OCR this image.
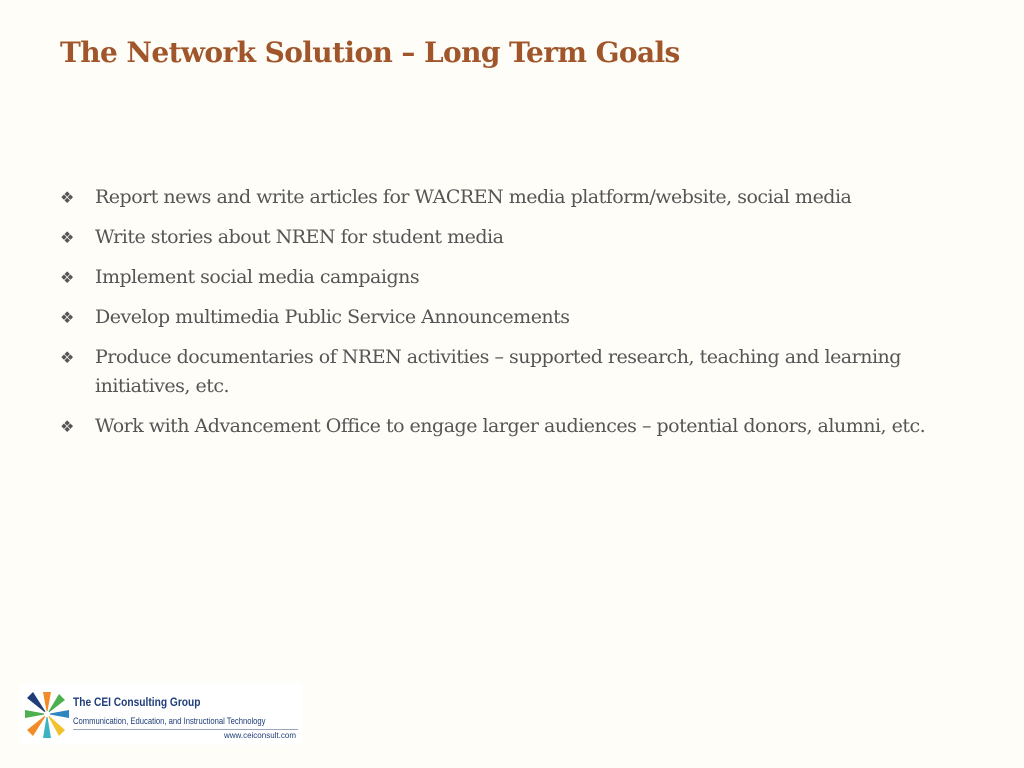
The Network Solution – Long Term Goals
❖	Report news and write articles for WACREN media platform/website, social media
❖	Write stories about NREN for student media
❖	Implement social media campaigns
❖	Develop multimedia Public Service Announcements
❖	Produce documentaries of NREN activities – supported research, teaching and learning initiatives, etc.
❖	Work with Advancement Office to engage larger audiences – potential donors, alumni, etc.
The CEI Consulting Group
Communication, Education, and Instructional Technology
www.ceiconsult.com
